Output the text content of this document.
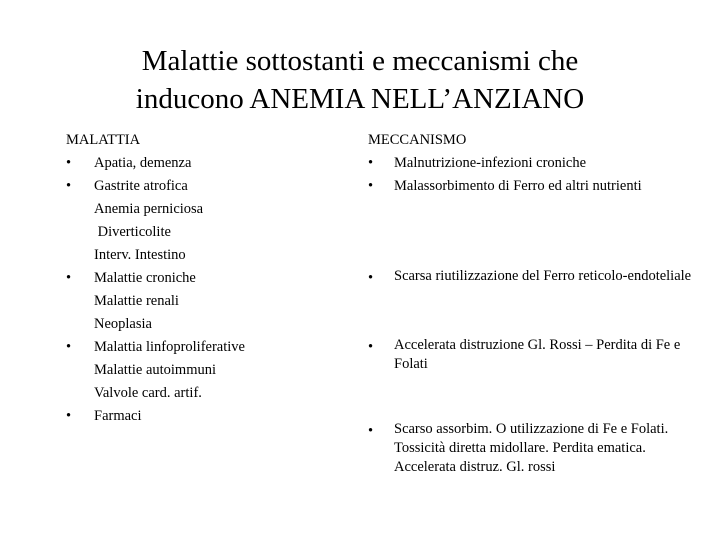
Malattie sottostanti e meccanismi che
inducono ANEMIA NELL’ANZIANO
MALATTIA
•	Apatia, demenza
•	Gastrite atrofica
Anemia perniciosa
Diverticolite
Interv. Intestino
•	Malattie croniche
Malattie renali
Neoplasia
•	Malattia linfoproliferative
Malattie autoimmuni
Valvole card. artif.
•	Farmaci
MECCANISMO
•	Malnutrizione-infezioni croniche
•	Malassorbimento di Ferro ed altri nutrienti
•	Scarsa riutilizzazione del Ferro reticolo-endoteliale
•	Accelerata distruzione Gl. Rossi – Perdita di Fe e Folati
•	Scarso assorbim. O utilizzazione di Fe e Folati. Tossicità diretta midollare. Perdita ematica. Accelerata distruz. Gl. rossi
